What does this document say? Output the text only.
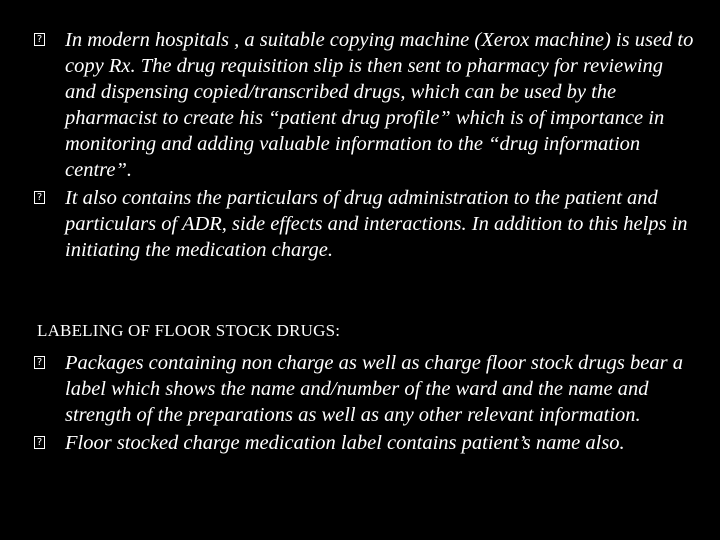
? In modern hospitals , a suitable copying machine (Xerox machine) is used to copy Rx. The drug requisition slip is then sent to pharmacy for reviewing and dispensing copied/transcribed drugs, which can be used by the pharmacist to create his “patient drug profile” which is of importance in monitoring and adding valuable information to the “drug information centre”.

? It also contains the particulars of drug administration to the patient and particulars of ADR, side effects and interactions. In addition to this helps in initiating the medication charge.

LABELING OF FLOOR STOCK DRUGS:

? Packages containing non charge as well as charge floor stock drugs bear a label which shows the name and/number of the ward and the name and strength of the preparations as well as any other relevant information.

? Floor stocked charge medication label contains patient’s name also.
